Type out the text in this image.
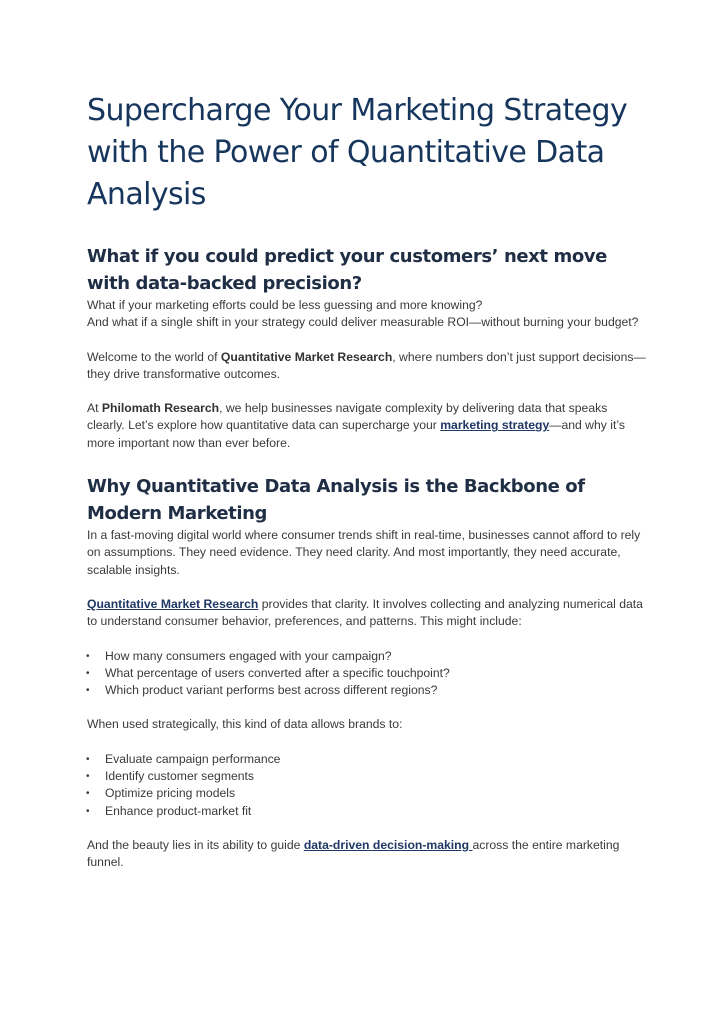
Supercharge Your Marketing Strategy with the Power of Quantitative Data Analysis
What if you could predict your customers’ next move with data-backed precision?

What if your marketing efforts could be less guessing and more knowing?

And what if a single shift in your strategy could deliver measurable ROI—without burning your budget?

Welcome to the world of Quantitative Market Research, where numbers don’t just support decisions—they drive transformative outcomes.

At Philomath Research, we help businesses navigate complexity by delivering data that speaks clearly. Let’s explore how quantitative data can supercharge your marketing strategy—and why it’s more important now than ever before.

Why Quantitative Data Analysis is the Backbone of Modern Marketing

In a fast-moving digital world where consumer trends shift in real-time, businesses cannot afford to rely on assumptions. They need evidence. They need clarity. And most importantly, they need accurate, scalable insights.

Quantitative Market Research provides that clarity. It involves collecting and analyzing numerical data to understand consumer behavior, preferences, and patterns. This might include:

• How many consumers engaged with your campaign?
• What percentage of users converted after a specific touchpoint?
• Which product variant performs best across different regions?

When used strategically, this kind of data allows brands to:

• Evaluate campaign performance
• Identify customer segments
• Optimize pricing models
• Enhance product-market fit

And the beauty lies in its ability to guide data-driven decision-making across the entire marketing funnel.
